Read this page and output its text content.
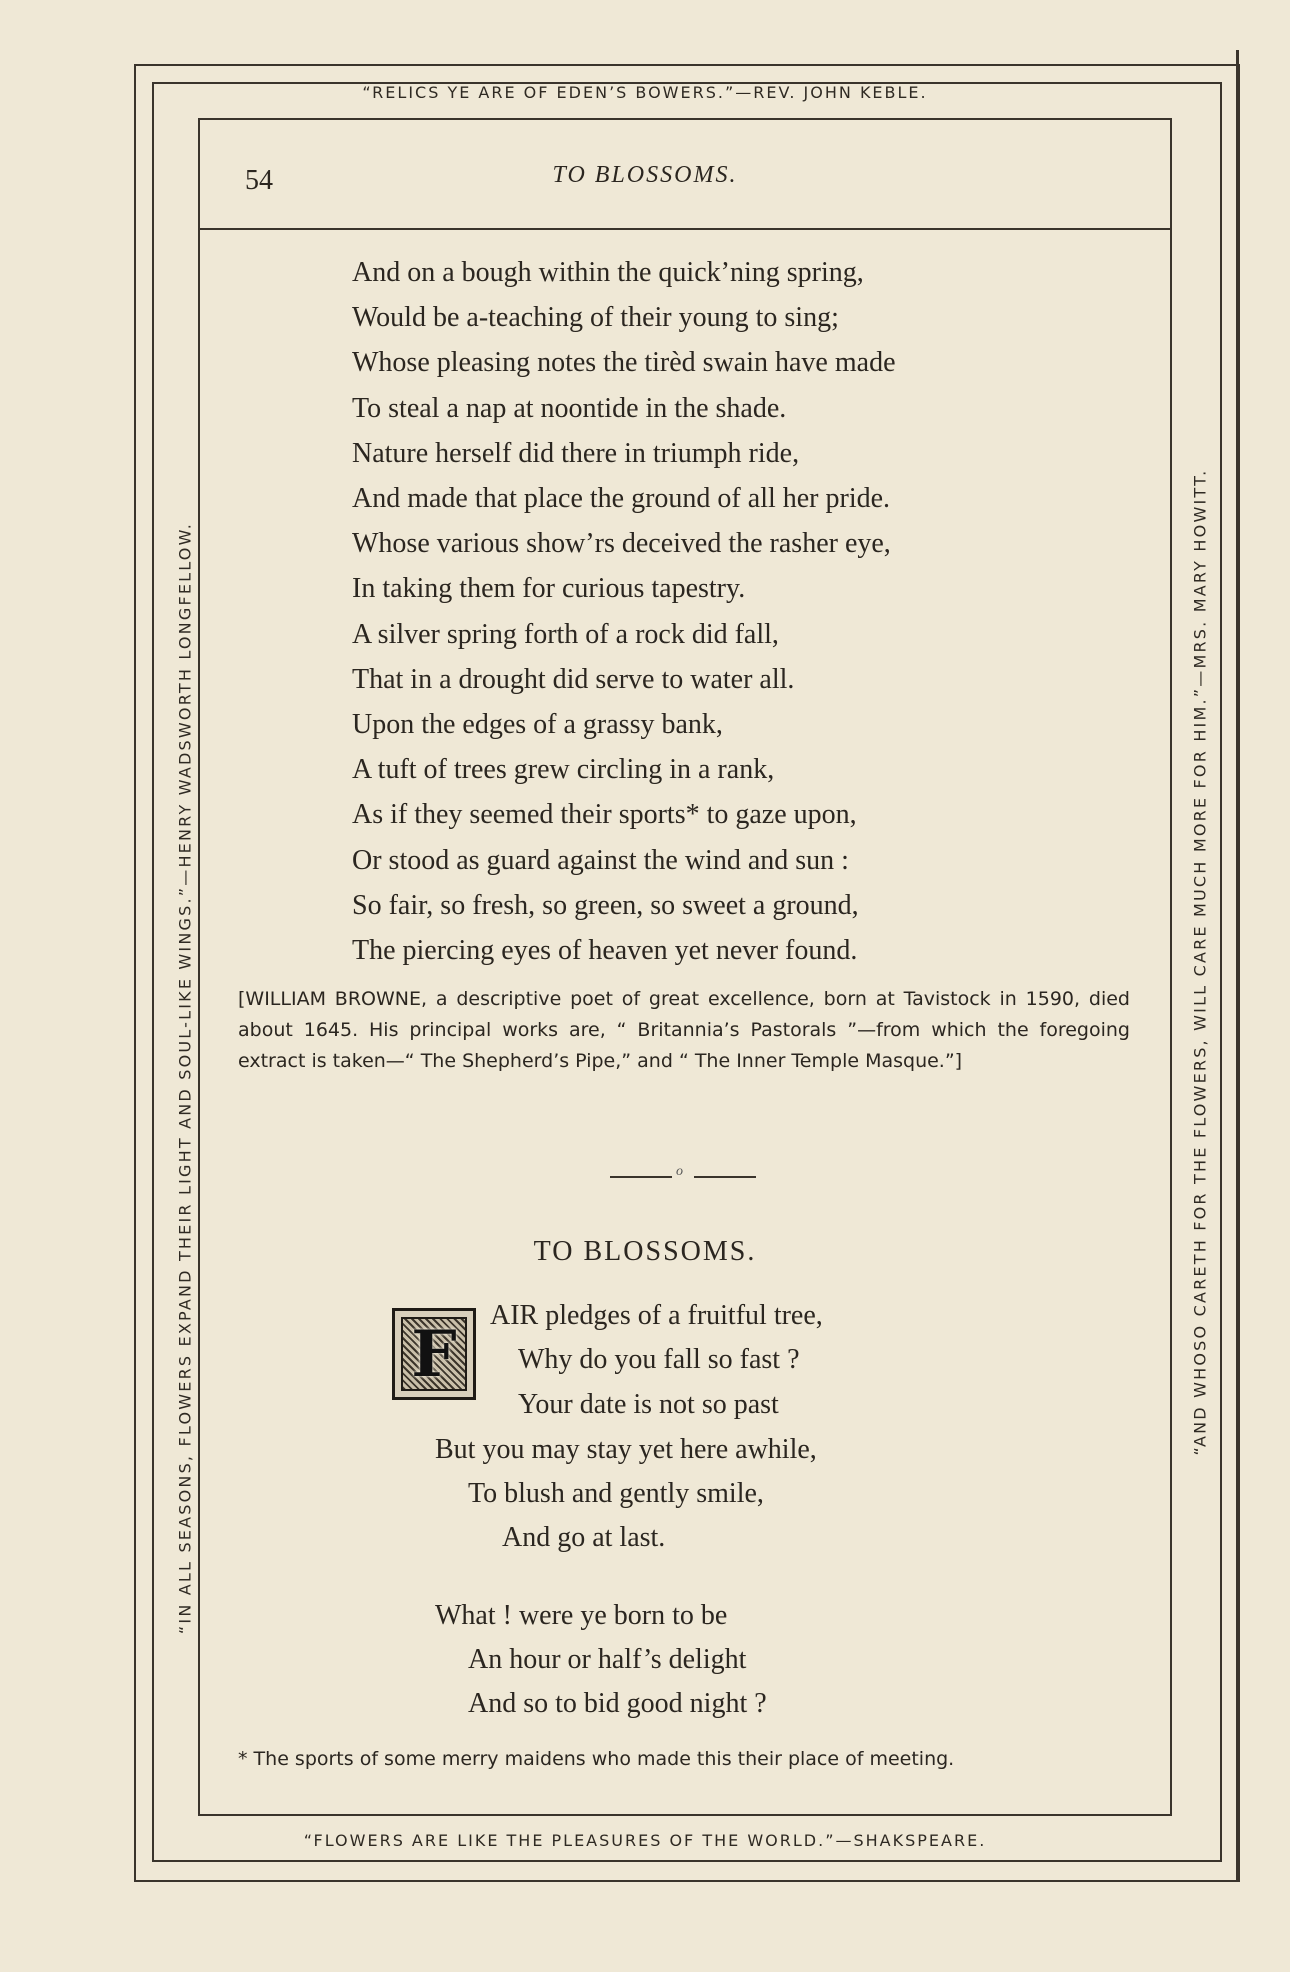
“RELICS YE ARE OF EDEN’S BOWERS.”—REV. JOHN KEBLE.
“FLOWERS ARE LIKE THE PLEASURES OF THE WORLD.”—SHAKSPEARE.
“IN ALL SEASONS, FLOWERS EXPAND THEIR LIGHT AND SOUL-LIKE WINGS.”—HENRY WADSWORTH LONGFELLOW.	“AND WHOSO CARETH FOR THE FLOWERS, WILL CARE MUCH MORE FOR HIM.”—MRS. MARY HOWITT.
54	TO BLOSSOMS.
And on a bough within the quick’ning spring,
Would be a-teaching of their young to sing;
Whose pleasing notes the tirèd swain have made
To steal a nap at noontide in the shade.
Nature herself did there in triumph ride,
And made that place the ground of all her pride.
Whose various show’rs deceived the rasher eye,
In taking them for curious tapestry.
A silver spring forth of a rock did fall,
That in a drought did serve to water all.
Upon the edges of a grassy bank,
A tuft of trees grew circling in a rank,
As if they seemed their sports* to gaze upon,
Or stood as guard against the wind and sun :
So fair, so fresh, so green, so sweet a ground,
The piercing eyes of heaven yet never found.

[WILLIAM BROWNE, a descriptive poet of great excellence, born at Tavistock in 1590, died about 1645. His principal works are, “ Britannia’s Pastorals ”—from which the foregoing extract is taken—“ The Shepherd’s Pipe,” and “ The Inner Temple Masque.”]

o
TO BLOSSOMS.
F
AIR pledges of a fruitful tree,
Why do you fall so fast ?
Your date is not so past
But you may stay yet here awhile,
To blush and gently smile,
And go at last.
What ! were ye born to be
An hour or half’s delight
And so to bid good night ?
* The sports of some merry maidens who made this their place of meeting.
